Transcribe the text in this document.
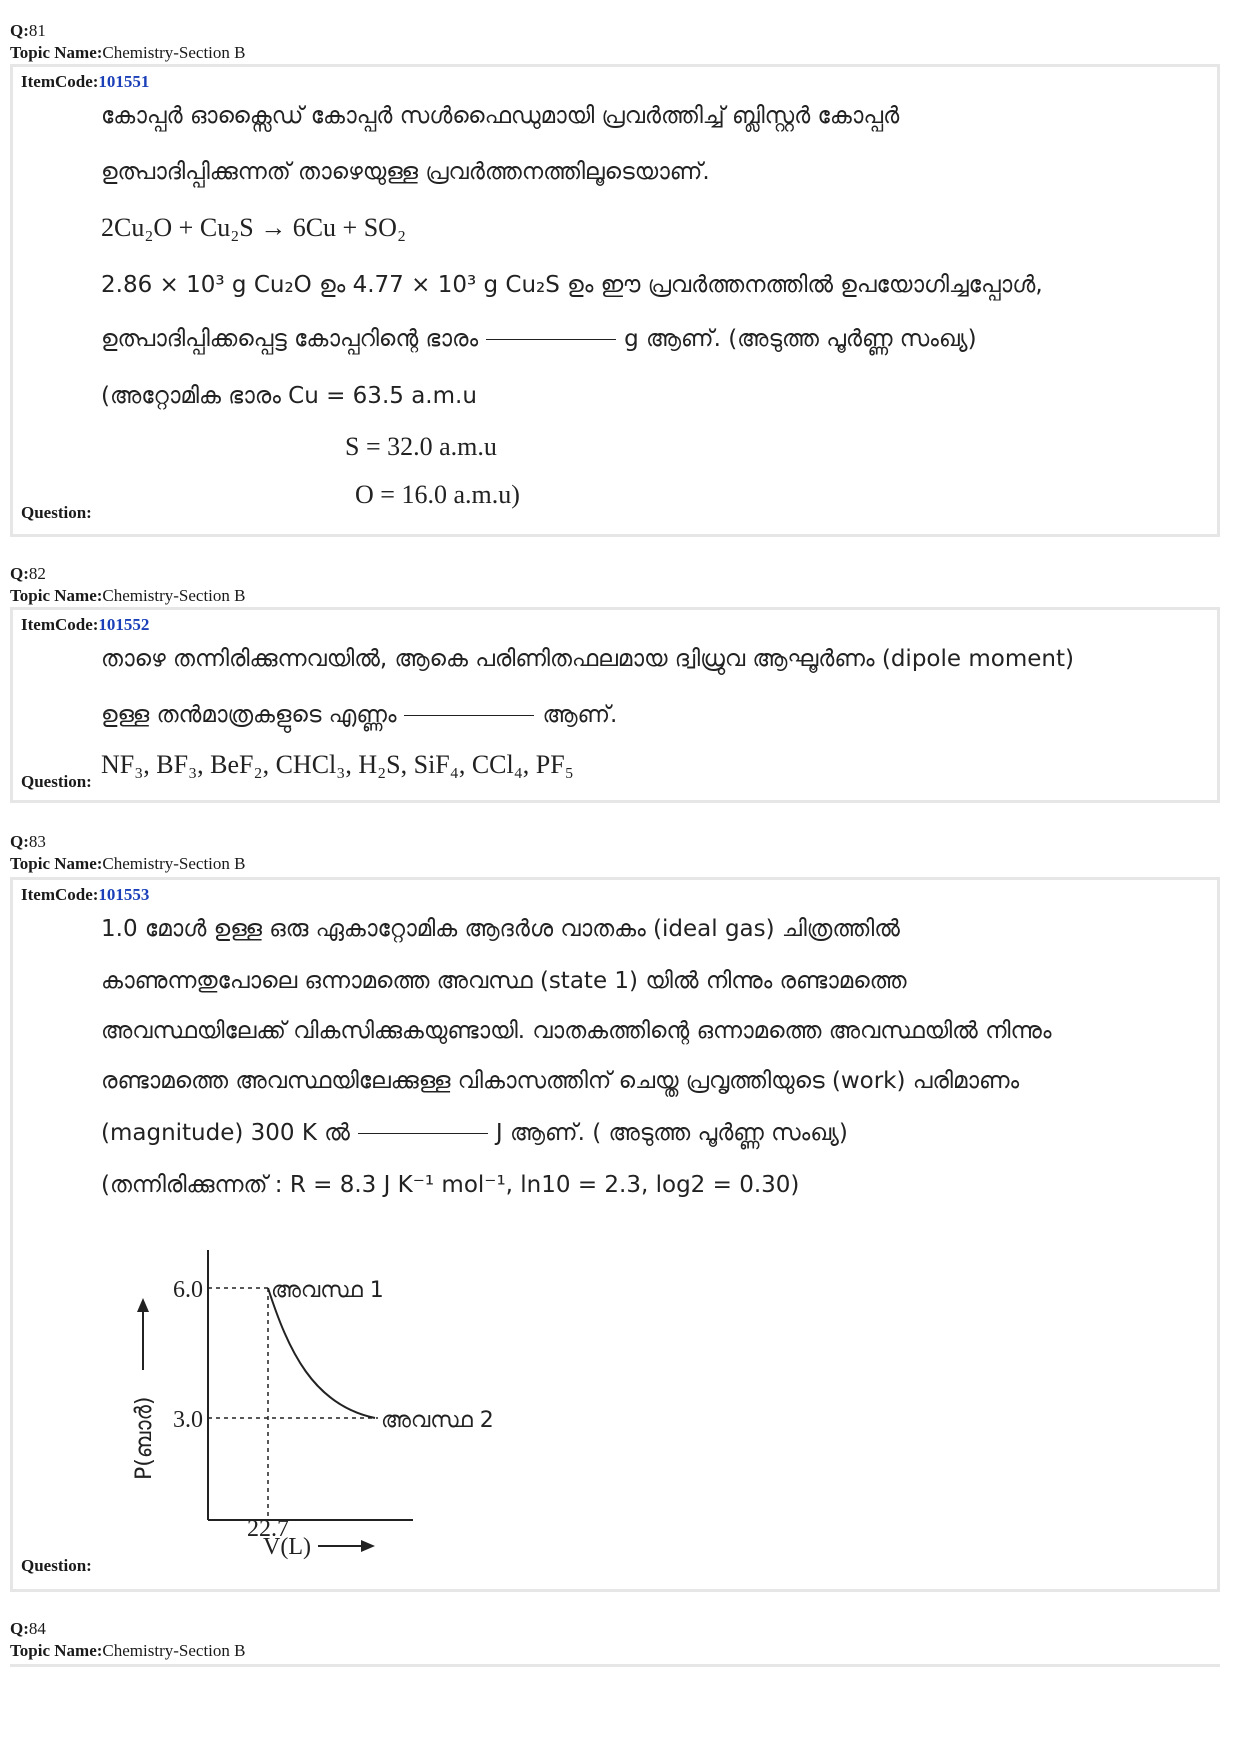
Q:81
Topic Name:Chemistry-Section B
ItemCode:101551
കോപ്പർ ഓക്സൈഡ് കോപ്പർ സൾഫൈഡുമായി പ്രവർത്തിച്ച് ബ്ലിസ്റ്റർ കോപ്പർ
ഉത്പാദിപ്പിക്കുന്നത് താഴെയുള്ള പ്രവർത്തനത്തിലൂടെയാണ്.
2Cu₂O + Cu₂S → 6Cu + SO₂
2.86 × 10³ g Cu₂O ഉം 4.77 × 10³ g Cu₂S ഉം ഈ പ്രവർത്തനത്തിൽ ഉപയോഗിച്ചപ്പോൾ,
ഉത്പാദിപ്പിക്കപ്പെട്ട കോപ്പറിന്റെ ഭാരം	g ആണ്. (അടുത്ത പൂർണ്ണ സംഖ്യ)
(അറ്റോമിക ഭാരം Cu = 63.5 a.m.u
S = 32.0 a.m.u
O = 16.0 a.m.u)
Question:
Q:82
Topic Name:Chemistry-Section B
ItemCode:101552
താഴെ തന്നിരിക്കുന്നവയിൽ, ആകെ പരിണിതഫലമായ ദ്വിധ്രുവ ആഘൂർണം (dipole moment)
ഉള്ള തൻമാത്രകളുടെ എണ്ണം	ആണ്.
NF₃, BF₃, BeF₂, CHCl₃, H₂S, SiF₄, CCl₄, PF₅
Question:
Q:83
Topic Name:Chemistry-Section B
ItemCode:101553
1.0 മോൾ ഉള്ള ഒരു ഏകാറ്റോമിക ആദർശ വാതകം (ideal gas) ചിത്രത്തിൽ
കാണുന്നതുപോലെ ഒന്നാമത്തെ അവസ്ഥ (state 1) യിൽ നിന്നും രണ്ടാമത്തെ
അവസ്ഥയിലേക്ക് വികസിക്കുകയുണ്ടായി. വാതകത്തിന്റെ ഒന്നാമത്തെ അവസ്ഥയിൽ നിന്നും
രണ്ടാമത്തെ അവസ്ഥയിലേക്കുള്ള വികാസത്തിന് ചെയ്ത പ്രവൃത്തിയുടെ (work) പരിമാണം
(magnitude) 300 K ൽ	J ആണ്. ( അടുത്ത പൂർണ്ണ സംഖ്യ)
(തന്നിരിക്കുന്നത് : R = 8.3 J K⁻¹ mol⁻¹, ln10 = 2.3, log2 = 0.30)
6.0
3.0
22.7
അവസ്ഥ 1
അവസ്ഥ 2
P(ബാർ)
V(L)
Question:
Q:84
Topic Name:Chemistry-Section B
